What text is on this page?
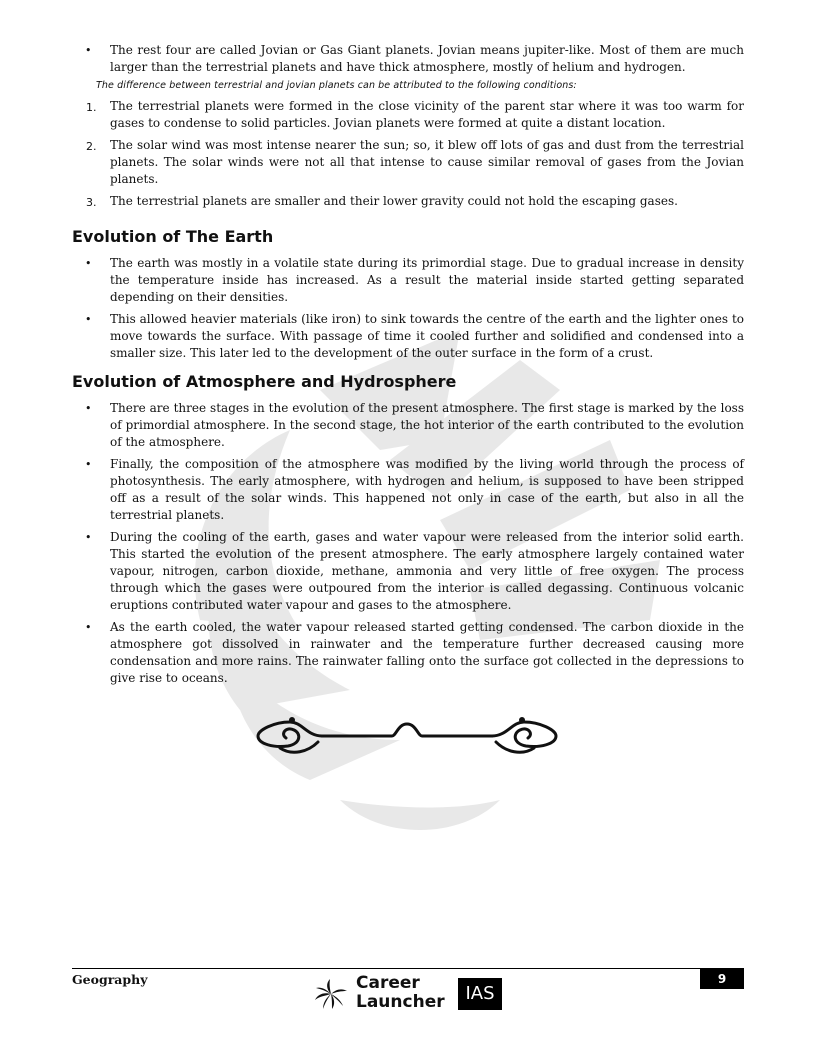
• The rest four are called Jovian or Gas Giant planets. Jovian means jupiter-like. Most of them are much larger than the terrestrial planets and have thick atmosphere, mostly of helium and hydrogen.
The difference between terrestrial and jovian planets can be attributed to the following conditions:
1. The terrestrial planets were formed in the close vicinity of the parent star where it was too warm for gases to condense to solid particles. Jovian planets were formed at quite a distant location.
2. The solar wind was most intense nearer the sun; so, it blew off lots of gas and dust from the terrestrial planets. The solar winds were not all that intense to cause similar removal of gases from the Jovian planets.
3. The terrestrial planets are smaller and their lower gravity could not hold the escaping gases.
Evolution of The Earth
• The earth was mostly in a volatile state during its primordial stage. Due to gradual increase in density the temperature inside has increased. As a result the material inside started getting separated depending on their densities.
• This allowed heavier materials (like iron) to sink towards the centre of the earth and the lighter ones to move towards the surface. With passage of time it cooled further and solidified and condensed into a smaller size. This later led to the development of the outer surface in the form of a crust.
Evolution of Atmosphere and Hydrosphere
• There are three stages in the evolution of the present atmosphere. The first stage is marked by the loss of primordial atmosphere. In the second stage, the hot interior of the earth contributed to the evolution of the atmosphere.
• Finally, the composition of the atmosphere was modified by the living world through the process of photosynthesis. The early atmosphere, with hydrogen and helium, is supposed to have been stripped off as a result of the solar winds. This happened not only in case of the earth, but also in all the terrestrial planets.
• During the cooling of the earth, gases and water vapour were released from the interior solid earth. This started the evolution of the present atmosphere. The early atmosphere largely contained water vapour, nitrogen, carbon dioxide, methane, ammonia and very little of free oxygen. The process through which the gases were outpoured from the interior is called degassing. Continuous volcanic eruptions contributed water vapour and gases to the atmosphere.
• As the earth cooled, the water vapour released started getting condensed. The carbon dioxide in the atmosphere got dissolved in rainwater and the temperature further decreased causing more condensation and more rains. The rainwater falling onto the surface got collected in the depressions to give rise to oceans.
Geography	9
Career
Launcher	IAS
